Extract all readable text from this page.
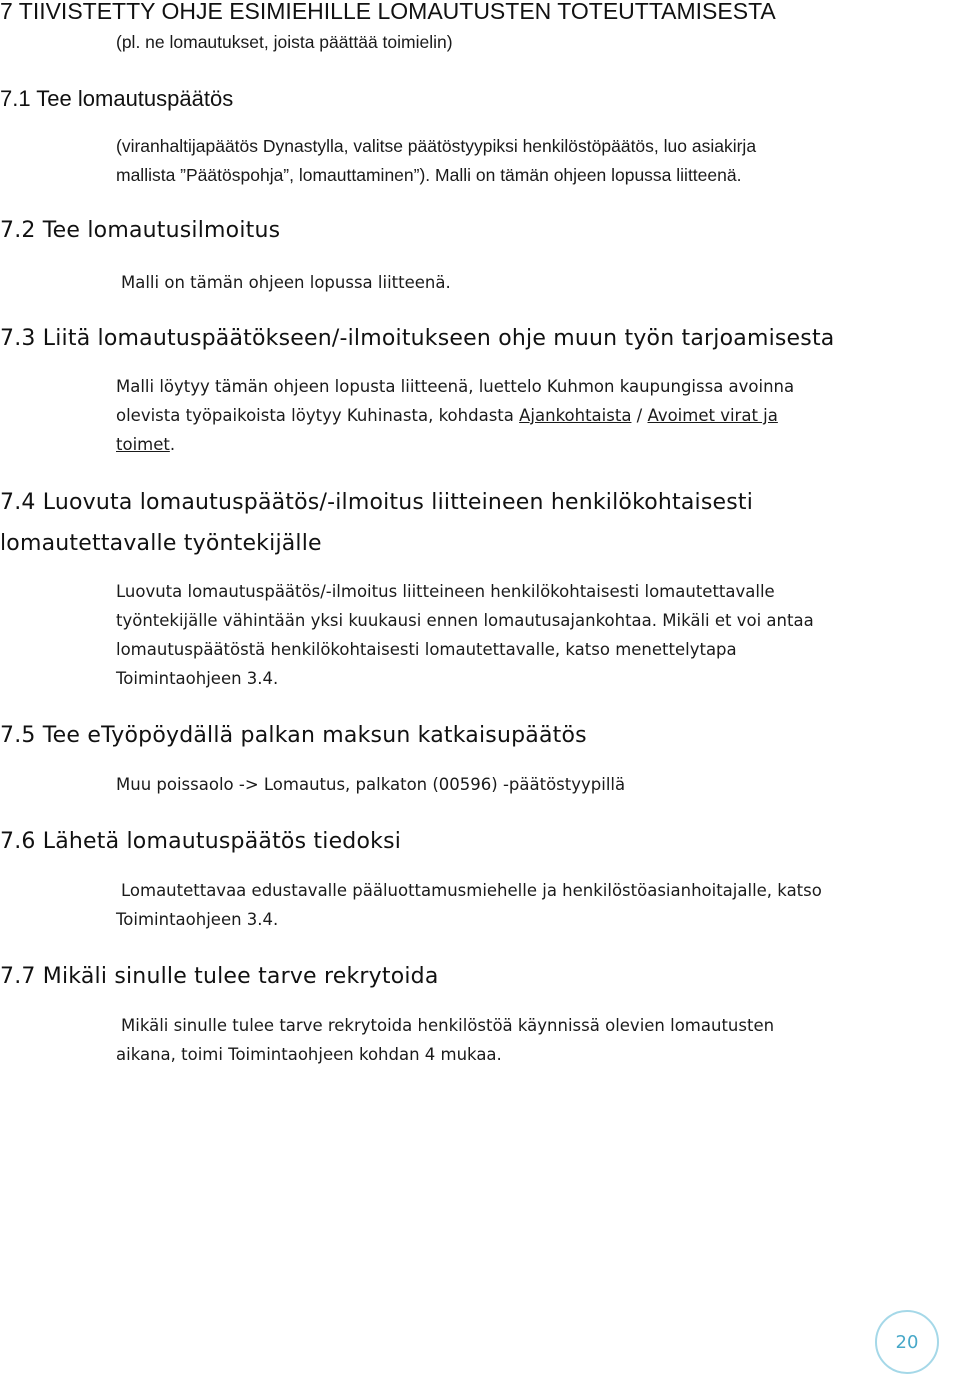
7 TIIVISTETTY OHJE ESIMIEHILLE LOMAUTUSTEN TOTEUTTAMISESTA
(pl. ne lomautukset, joista päättää toimielin)
7.1 Tee lomautuspäätös
(viranhaltijapäätös Dynastylla, valitse päätöstyypiksi henkilöstöpäätös, luo asiakirja
mallista ”Päätöspohja”, lomauttaminen”). Malli on tämän ohjeen lopussa liitteenä.
7.2 Tee lomautusilmoitus
Malli on tämän ohjeen lopussa liitteenä.
7.3 Liitä lomautuspäätökseen/-ilmoitukseen ohje muun työn tarjoamisesta
Malli löytyy tämän ohjeen lopusta liitteenä, luettelo Kuhmon kaupungissa avoinna
olevista työpaikoista löytyy Kuhinasta, kohdasta Ajankohtaista / Avoimet virat ja
toimet.
7.4 Luovuta lomautuspäätös/-ilmoitus liitteineen henkilökohtaisesti
lomautettavalle työntekijälle
Luovuta lomautuspäätös/-ilmoitus liitteineen henkilökohtaisesti lomautettavalle
työntekijälle vähintään yksi kuukausi ennen lomautusajankohtaa. Mikäli et voi antaa
lomautuspäätöstä henkilökohtaisesti lomautettavalle, katso menettelytapa
Toimintaohjeen 3.4.
7.5 Tee eTyöpöydällä palkan maksun katkaisupäätös
Muu poissaolo -> Lomautus, palkaton (00596) -päätöstyypillä
7.6 Lähetä lomautuspäätös tiedoksi
Lomautettavaa edustavalle pääluottamusmiehelle ja henkilöstöasianhoitajalle, katso
Toimintaohjeen 3.4.
7.7 Mikäli sinulle tulee tarve rekrytoida
Mikäli sinulle tulee tarve rekrytoida henkilöstöä käynnissä olevien lomautusten
aikana, toimi Toimintaohjeen kohdan 4 mukaa.
20
